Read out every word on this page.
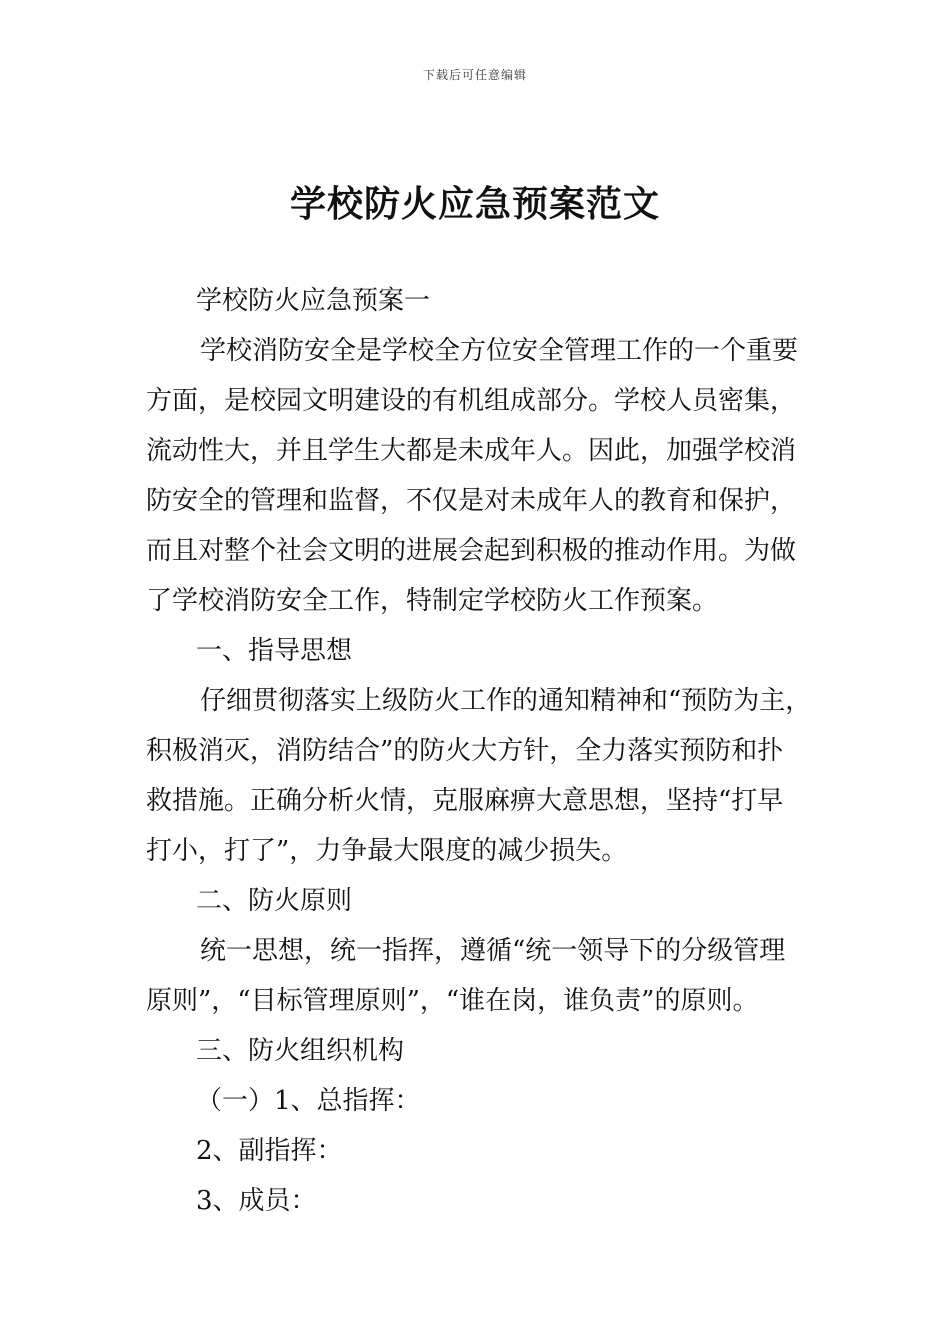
下载后可任意编辑
学校防火应急预案范文
学校防火应急预案一
学校消防安全是学校全方位安全管理工作的一个重要
方面，是校园文明建设的有机组成部分。学校人员密集，
流动性大，并且学生大都是未成年人。因此，加强学校消
防安全的管理和监督，不仅是对未成年人的教育和保护，
而且对整个社会文明的进展会起到积极的推动作用。为做
了学校消防安全工作，特制定学校防火工作预案。
一、指导思想
仔细贯彻落实上级防火工作的通知精神和“预防为主，
积极消灭，消防结合”的防火大方针，全力落实预防和扑
救措施。正确分析火情，克服麻痹大意思想，坚持“打早
打小，打了”，力争最大限度的减少损失。
二、防火原则
统一思想，统一指挥，遵循“统一领导下的分级管理
原则”，“目标管理原则”，“谁在岗，谁负责”的原则。
三、防火组织机构
（一）1、总指挥：
2、副指挥：
3、成员：
